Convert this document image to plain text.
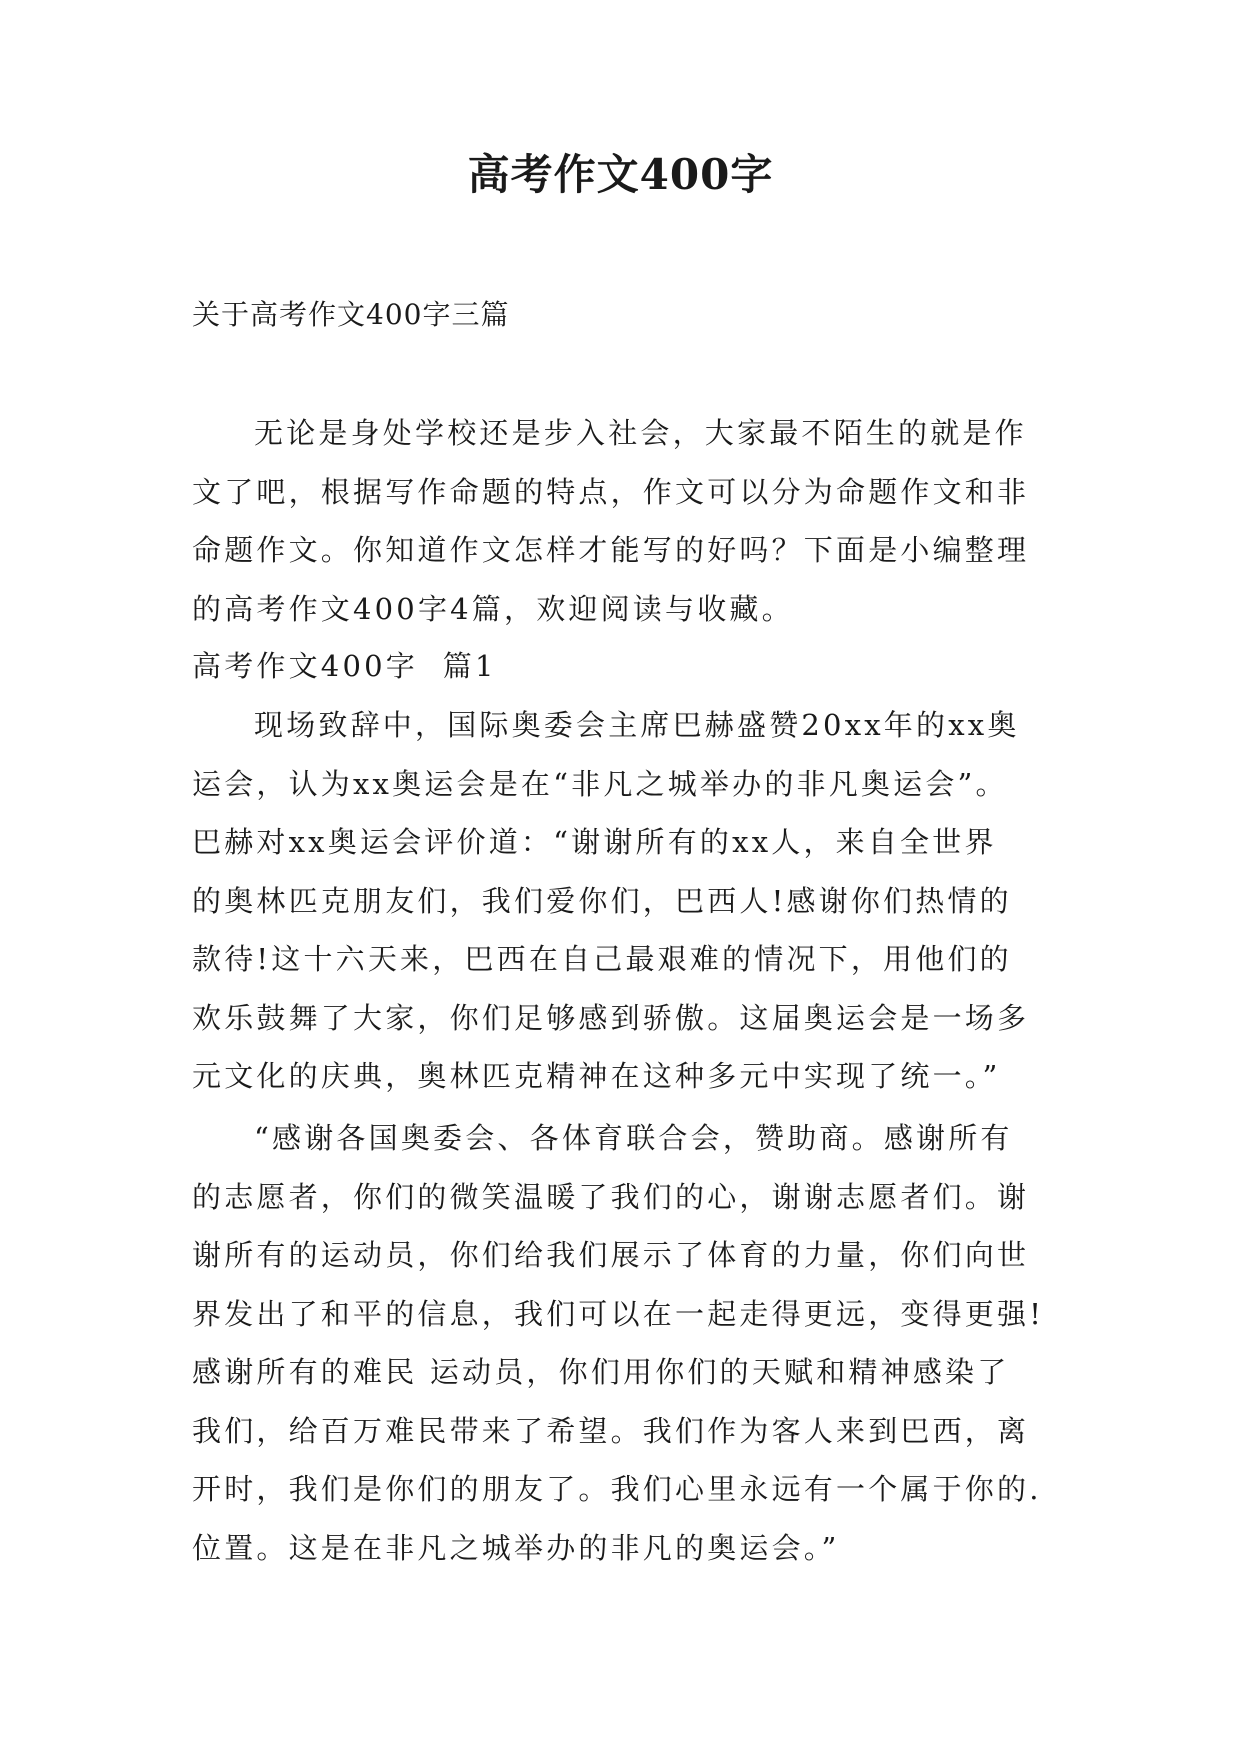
高考作文400字
关于高考作文400字三篇
无论是身处学校还是步入社会，大家最不陌生的就是作
文了吧，根据写作命题的特点，作文可以分为命题作文和非
命题作文。你知道作文怎样才能写的好吗？下面是小编整理
的高考作文400字4篇，欢迎阅读与收藏。
高考作文400字  篇1
现场致辞中，国际奥委会主席巴赫盛赞20xx年的xx奥
运会，认为xx奥运会是在“非凡之城举办的非凡奥运会”。
巴赫对xx奥运会评价道：“谢谢所有的xx人，来自全世界
的奥林匹克朋友们，我们爱你们，巴西人!感谢你们热情的
款待!这十六天来，巴西在自己最艰难的情况下，用他们的
欢乐鼓舞了大家，你们足够感到骄傲。这届奥运会是一场多
元文化的庆典，奥林匹克精神在这种多元中实现了统一。”
“感谢各国奥委会、各体育联合会，赞助商。感谢所有
的志愿者，你们的微笑温暖了我们的心，谢谢志愿者们。谢
谢所有的运动员，你们给我们展示了体育的力量，你们向世
界发出了和平的信息，我们可以在一起走得更远，变得更强!
感谢所有的难民 运动员，你们用你们的天赋和精神感染了
我们，给百万难民带来了希望。我们作为客人来到巴西，离
开时，我们是你们的朋友了。我们心里永远有一个属于你的.
位置。这是在非凡之城举办的非凡的奥运会。”
